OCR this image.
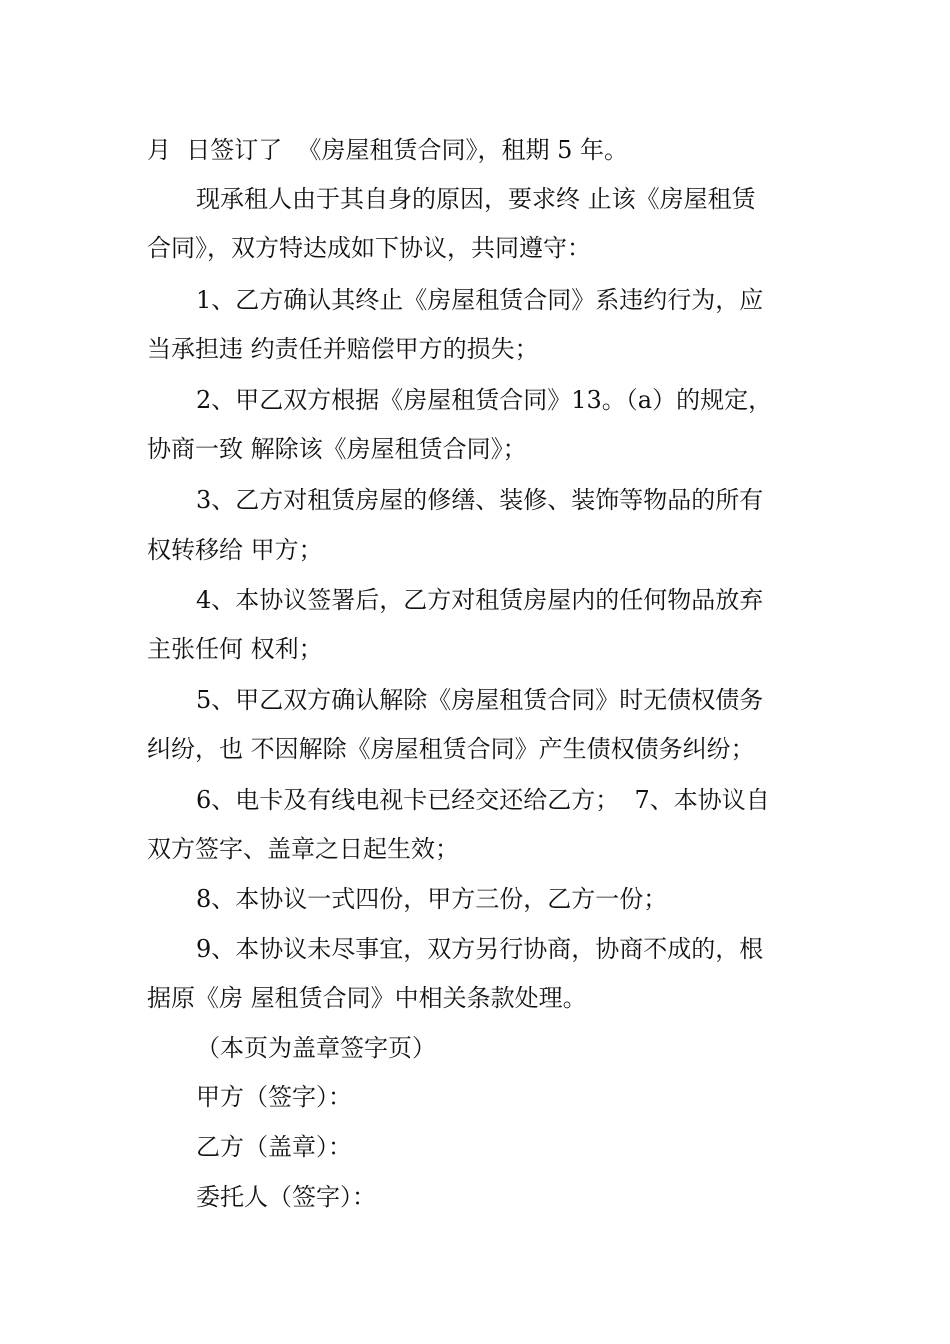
月  日签订了  《房屋租赁合同》，租期 5 年。
现承租人由于其自身的原因，要求终 止该《房屋租赁
合同》，双方特达成如下协议，共同遵守：
1、乙方确认其终止《房屋租赁合同》系违约行为，应
当承担违 约责任并赔偿甲方的损失；
2、甲乙双方根据《房屋租赁合同》13。（a）的规定，
协商一致 解除该《房屋租赁合同》；
3、乙方对租赁房屋的修缮、装修、装饰等物品的所有
权转移给 甲方；
4、本协议签署后，乙方对租赁房屋内的任何物品放弃
主张任何 权利；
5、甲乙双方确认解除《房屋租赁合同》时无债权债务
纠纷，也 不因解除《房屋租赁合同》产生债权债务纠纷；
6、电卡及有线电视卡已经交还给乙方；  7、本协议自
双方签字、盖章之日起生效；
8、本协议一式四份，甲方三份，乙方一份；
9、本协议未尽事宜，双方另行协商，协商不成的，根
据原《房 屋租赁合同》中相关条款处理。
（本页为盖章签字页）
甲方（签字）：
乙方（盖章）：
委托人（签字）：
